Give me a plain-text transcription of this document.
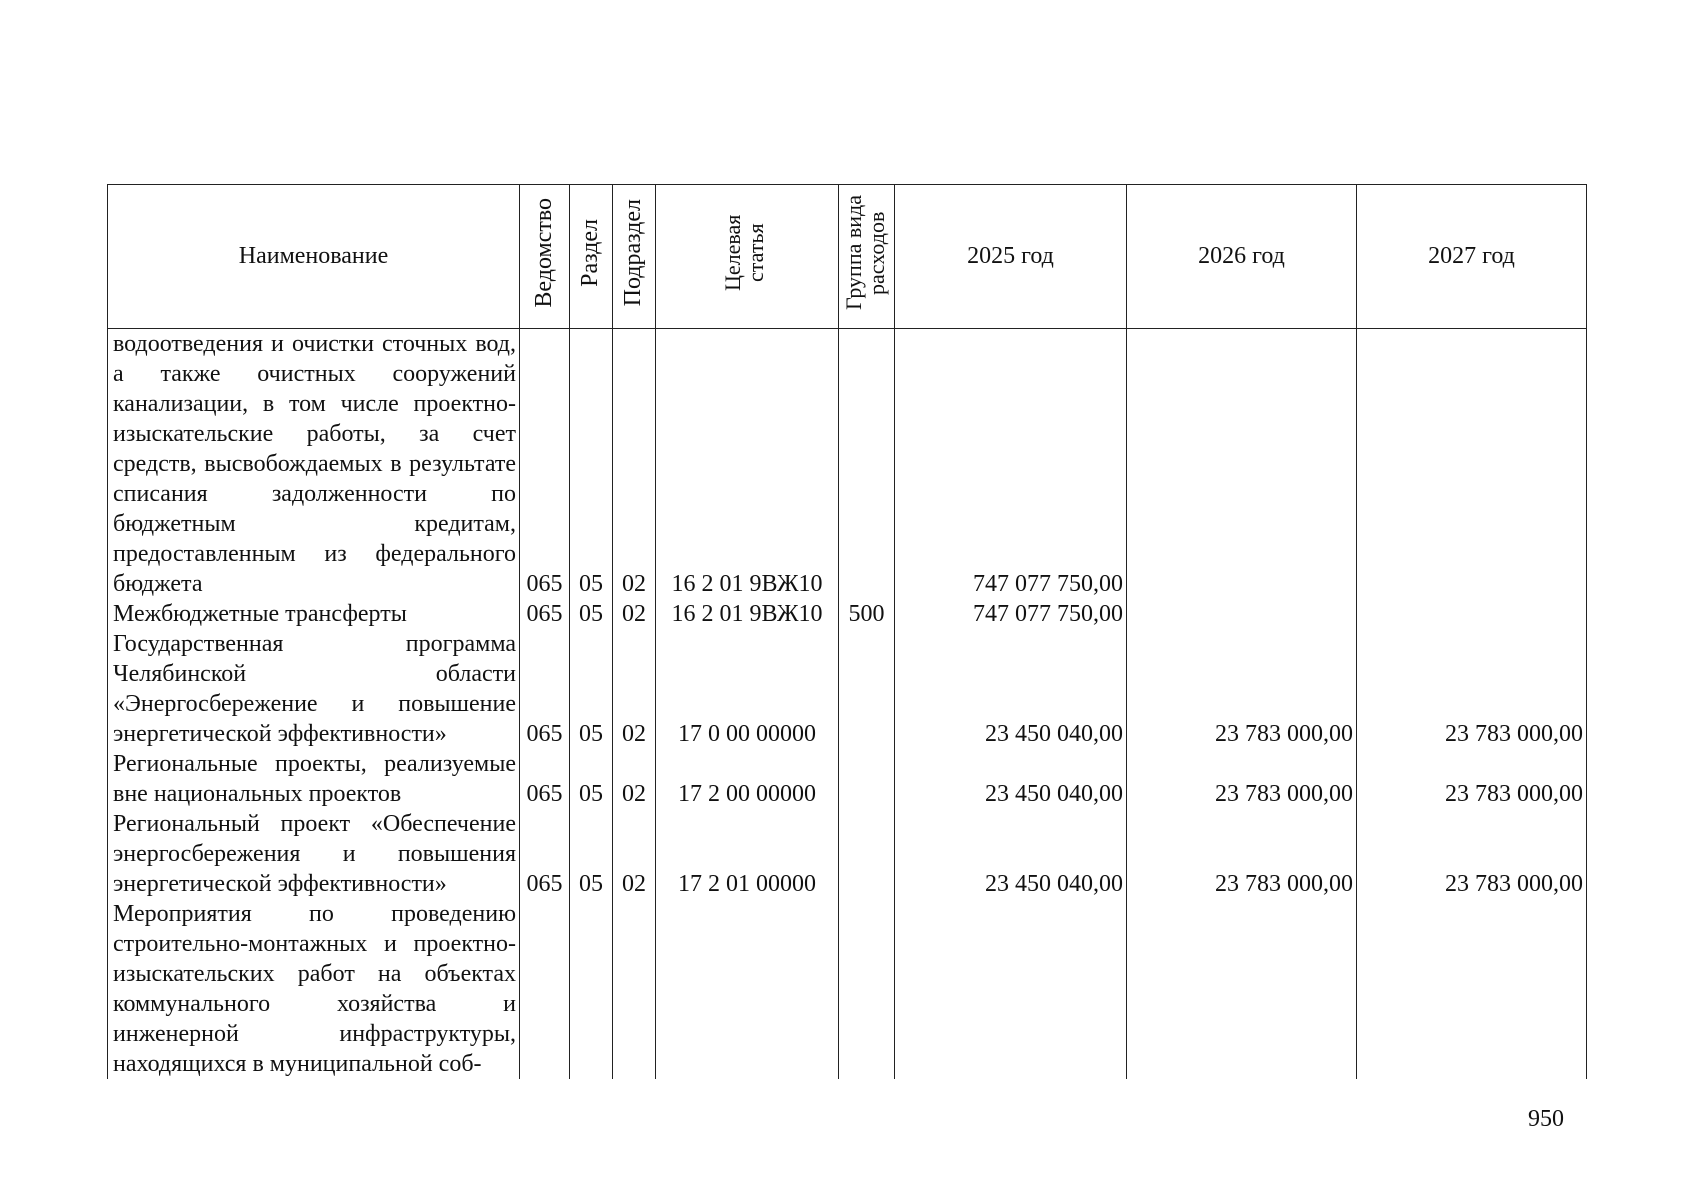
Наименование	Ведомство	Раздел	Подраздел	Целевая статья	Группа вида расходов	2025 год	2026 год	2027 год
водоотведения и очистки сточных вод, а также очистных сооружений канализации, в том числе проектно-изыскательские работы, за счет средств, высвобождаемых в результате списания задолженности по бюджетным кредитам, предоставленным из федерального бюджета	065	05	02	16 2 01 9ВЖ10		747 077 750,00		
Межбюджетные трансферты	065	05	02	16 2 01 9ВЖ10	500	747 077 750,00		
Государственная программа Челябинской области «Энергосбережение и повышение энергетической эффективности»	065	05	02	17 0 00 00000		23 450 040,00	23 783 000,00	23 783 000,00
Региональные проекты, реализуемые вне национальных проектов	065	05	02	17 2 00 00000		23 450 040,00	23 783 000,00	23 783 000,00
Региональный проект «Обеспечение энергосбережения и повышения энергетической эффективности»	065	05	02	17 2 01 00000		23 450 040,00	23 783 000,00	23 783 000,00
Мероприятия по проведению строительно-монтажных и проектно-изыскательских работ на объектах коммунального хозяйства и инженерной инфраструктуры, находящихся в муниципальной соб-								
950
